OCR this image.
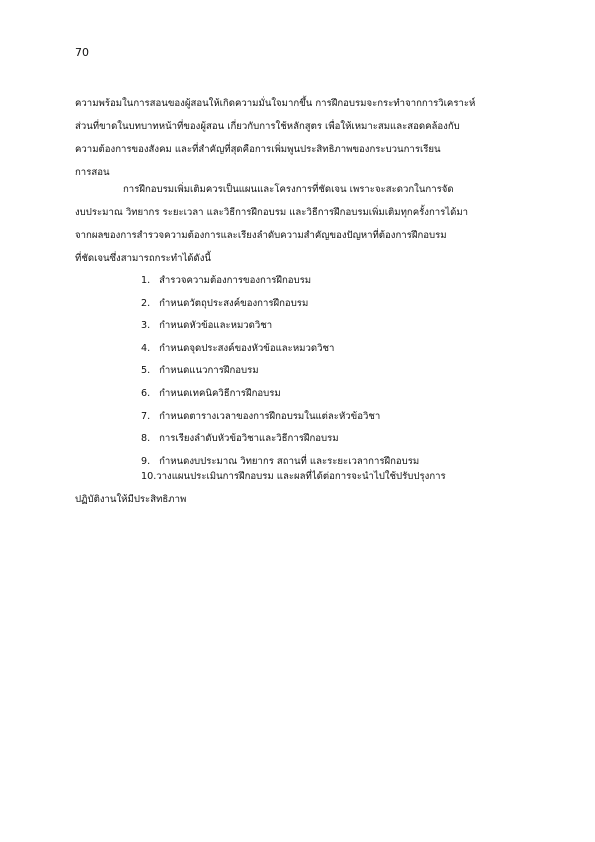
70
ความพร้อมในการสอนของผู้สอนให้เกิดความมั่นใจมากขึ้น การฝึกอบรมจะกระทำจากการวิเคราะห์
ส่วนที่ขาดในบทบาทหน้าที่ของผู้สอน เกี่ยวกับการใช้หลักสูตร เพื่อให้เหมาะสมและสอดคล้องกับ
ความต้องการของสังคม และที่สำคัญที่สุดคือการเพิ่มพูนประสิทธิภาพของกระบวนการเรียน
การสอน
การฝึกอบรมเพิ่มเติมควรเป็นแผนและโครงการที่ชัดเจน เพราะจะสะดวกในการจัด
งบประมาณ วิทยากร ระยะเวลา และวิธีการฝึกอบรม และวิธีการฝึกอบรมเพิ่มเติมทุกครั้งการได้มา
จากผลของการสำรวจความต้องการและเรียงลำดับความสำคัญของปัญหาที่ต้องการฝึกอบรม
ที่ชัดเจนซึ่งสามารถกระทำได้ดังนี้
1. สำรวจความต้องการของการฝึกอบรม
2. กำหนดวัตถุประสงค์ของการฝึกอบรม
3. กำหนดหัวข้อและหมวดวิชา
4. กำหนดจุดประสงค์ของหัวข้อและหมวดวิชา
5. กำหนดแนวการฝึกอบรม
6. กำหนดเทคนิควิธีการฝึกอบรม
7. กำหนดตารางเวลาของการฝึกอบรมในแต่ละหัวข้อวิชา
8. การเรียงลำดับหัวข้อวิชาและวิธีการฝึกอบรม
9. กำหนดงบประมาณ วิทยากร สถานที่ และระยะเวลาการฝึกอบรม
10.วางแผนประเมินการฝึกอบรม และผลที่ได้ต่อการจะนำไปใช้ปรับปรุงการ
ปฏิบัติงานให้มีประสิทธิภาพ
